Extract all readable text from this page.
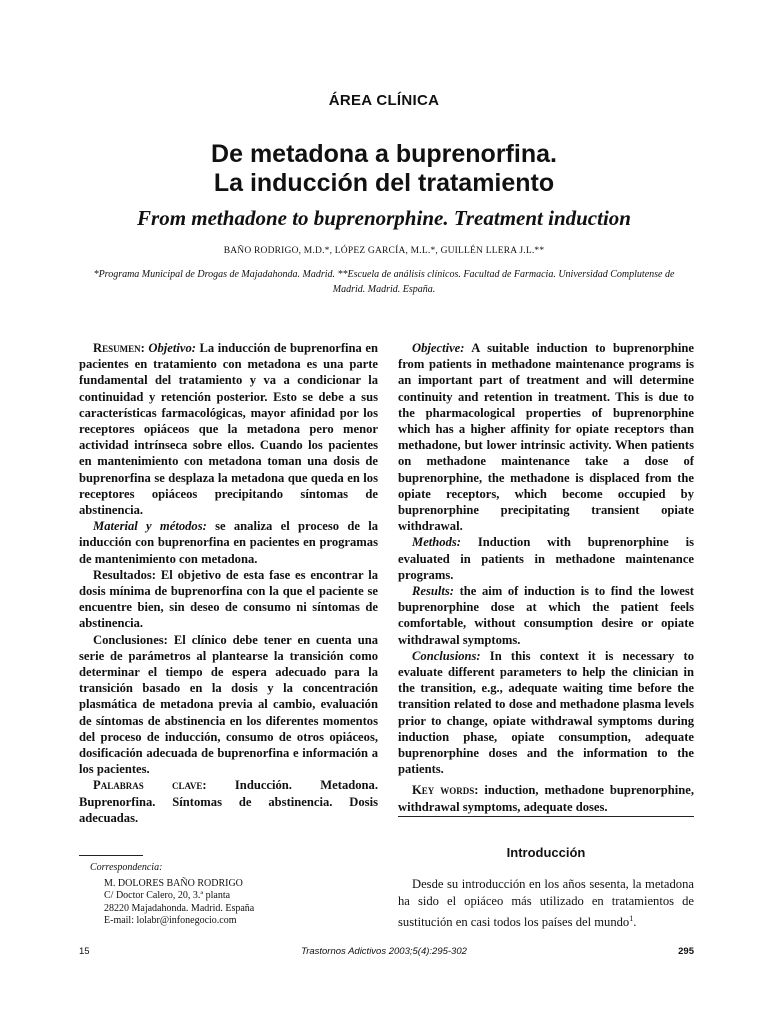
ÁREA CLÍNICA
De metadona a buprenorfina.
La inducción del tratamiento
From methadone to buprenorphine. Treatment induction
BAÑO RODRIGO, M.D.*, LÓPEZ GARCÍA, M.L.*, GUILLÉN LLERA J.L.**
*Programa Municipal de Drogas de Majadahonda. Madrid. **Escuela de análisis clínicos. Facultad de Farmacia. Universidad Complutense de Madrid. Madrid. España.

Resumen: Objetivo: La inducción de buprenorfina en pacientes en tratamiento con metadona es una parte fundamental del tratamiento y va a condicionar la continuidad y retención posterior. Esto se debe a sus características farmacológicas, mayor afinidad por los receptores opiáceos que la metadona pero menor actividad intrínseca sobre ellos. Cuando los pacientes en mantenimiento con metadona toman una dosis de buprenorfina se desplaza la metadona que queda en los receptores opiáceos precipitando síntomas de abstinencia.

Material y métodos: se analiza el proceso de la inducción con buprenorfina en pacientes en programas de mantenimiento con metadona.

Resultados: El objetivo de esta fase es encontrar la dosis mínima de buprenorfina con la que el paciente se encuentre bien, sin deseo de consumo ni síntomas de abstinencia.

Conclusiones: El clínico debe tener en cuenta una serie de parámetros al plantearse la transición como determinar el tiempo de espera adecuado para la transición basado en la dosis y la concentración plasmática de metadona previa al cambio, evaluación de síntomas de abstinencia en los diferentes momentos del proceso de inducción, consumo de otros opiáceos, dosificación adecuada de buprenorfina e información a los pacientes.

Palabras clave: Inducción. Metadona. Buprenorfina. Síntomas de abstinencia. Dosis adecuadas.

Objective: A suitable induction to buprenorphine from patients in methadone maintenance programs is an important part of treatment and will determine continuity and retention in treatment. This is due to the pharmacological properties of buprenorphine which has a higher affinity for opiate receptors than methadone, but lower intrinsic activity. When patients on methadone maintenance take a dose of buprenorphine, the methadone is displaced from the opiate receptors, which become occupied by buprenorphine precipitating transient opiate withdrawal.

Methods: Induction with buprenorphine is evaluated in patients in methadone maintenance programs.

Results: the aim of induction is to find the lowest buprenorphine dose at which the patient feels comfortable, without consumption desire or opiate withdrawal symptoms.

Conclusions: In this context it is necessary to evaluate different parameters to help the clinician in the transition, e.g., adequate waiting time before the transition related to dose and methadone plasma levels prior to change, opiate withdrawal symptoms during induction phase, opiate consumption, adequate buprenorphine doses and the information to the patients.

Key words: induction, methadone buprenorphine, withdrawal symptoms, adequate doses.

Introducción

Desde su introducción en los años sesenta, la metadona ha sido el opiáceo más utilizado en tratamientos de sustitución en casi todos los países del mundo$^1$.

Correspondencia:
M. DOLORES BAÑO RODRIGO
C/ Doctor Calero, 20, 3.ª planta
28220 Majadahonda. Madrid. España
E-mail: lolabr@infonegocio.com
15	Trastornos Adictivos 2003;5(4):295-302	295
